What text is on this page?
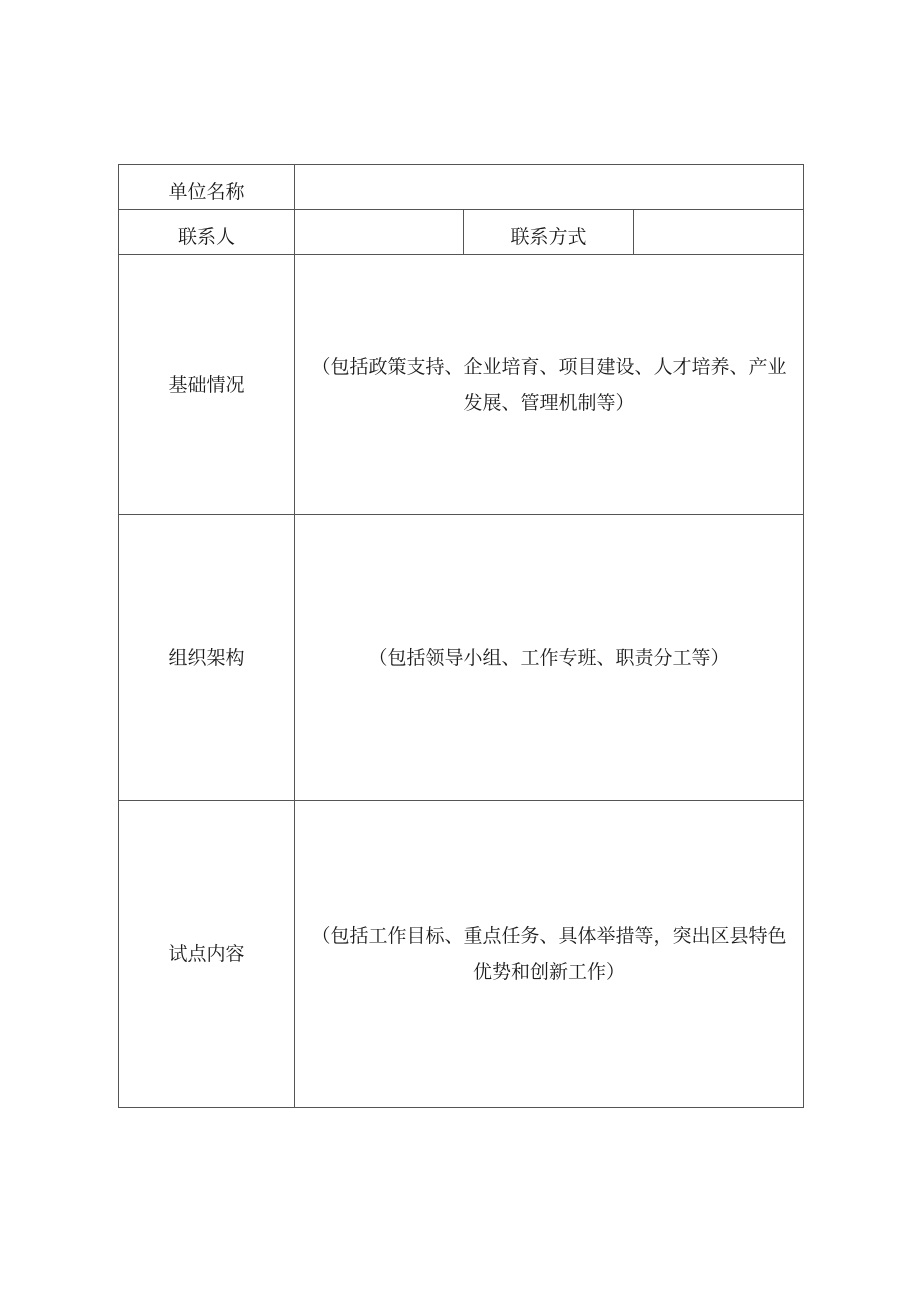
单位名称			
联系人		联系方式	
基础情况	（包括政策支持、企业培育、项目建设、人才培养、产业
发展、管理机制等）		
组织架构	（包括领导小组、工作专班、职责分工等）		
试点内容	（包括工作目标、重点任务、具体举措等，突出区县特色
优势和创新工作）		
